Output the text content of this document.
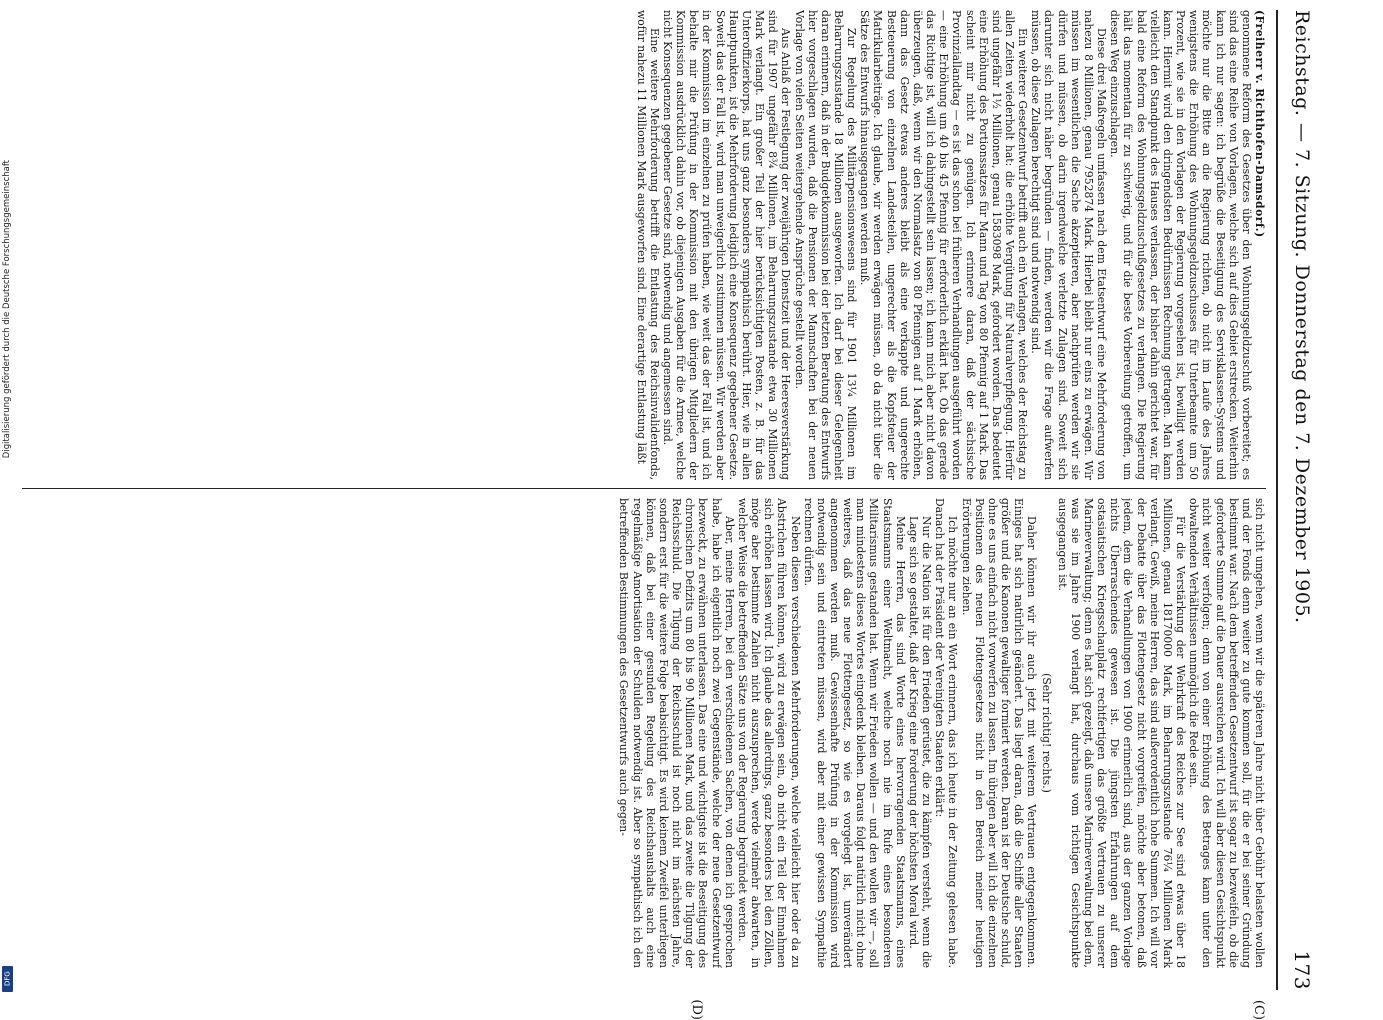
Digitalisierung gefördert durch die Deutsche Forschungsgemeinschaft
DFG
Reichstag. — 7. Sitzung. Donnerstag den 7. Dezember 1905.
173
(C)
(D)

(Freiherr v. Richthofen-Damsdorf.)

genommene Reform des Gesetzes über den Wohnungsgeldzuschuß vorbereitet; es sind das eine Reihe von Vorlagen, welche sich auf dies Gebiet erstrecken. Weiterhin kann ich nur sagen: ich begrüße die Beseitigung des Servisklassen-Systems und möchte nur die Bitte an die Regierung richten, ob nicht im Laufe des Jahres wenigstens die Erhöhung des Wohnungsgeldzuschusses für Unterbeamte um 50 Prozent, wie sie in den Vorlagen der Regierung vorgesehen ist, bewilligt werden kann. Hiermit wird den dringendsten Bedürfnissen Rechnung getragen. Man kann vielleicht den Standpunkt des Hauses verlassen, der bisher dahin gerichtet war, für bald eine Reform des Wohnungsgeldzuschußgesetzes zu verlangen. Die Regierung hält das momentan für zu schwierig, und für die beste Vorbereitung getroffen, um diesen Weg einzuschlagen.

Diese drei Maßregeln umfassen nach dem Etatsentwurf eine Mehrforderung von nahezu 8 Millionen, genau 7952874 Mark. Hierbei bleibt nur eins zu erwägen. Wir müssen im wesentlichen die Sache akzeptieren, aber nachprüfen werden wir sie dürfen und müssen, ob darin irgendwelche verletzte Zulagen sind. Soweit sich darunter sich nicht näher begründen — finden, werden wir die Frage aufwerfen müssen, ob diese Zulagen berechtigt sind und notwendig sind.

Ein weiterer Gesetzentwurf betrifft auch ein Verlangen, welches der Reichstag zu allen Zeiten wiederholt hat: die erhöhte Vergütung für Naturalverpflegung. Hierfür sind ungefähr 1½ Millionen, genau 1583098 Mark, gefordert worden. Das bedeutet eine Erhöhung des Portionssatzes für Mann und Tag von 80 Pfennig auf 1 Mark. Das scheint mir nicht zu genügen. Ich erinnere daran, daß der sächsische Provinziallandtag — es ist das schon bei früheren Verhandlungen ausgeführt worden — eine Erhöhung um 40 bis 45 Pfennig für erforderlich erklärt hat. Ob das gerade das Richtige ist, will ich dahingestellt sein lassen; ich kann mich aber nicht davon überzeugen, daß, wenn wir den Normalsatz von 80 Pfennigen auf 1 Mark erhöhen, dann das Gesetz etwas anderes bleibt als eine verkappte und ungerechte Besteuerung von einzelnen Landesteilen, ungerechter als die Kopfsteuer der Matrikularbeiträge. Ich glaube, wir werden erwägen müssen, ob da nicht über die Sätze des Entwurfs hinausgegangen werden muß.

Zur Regelung des Militärpensionswesens sind für 1901 13¼ Millionen im Beharrungszustande 18 Millionen ausgeworfen. Ich darf bei dieser Gelegenheit daran erinnern, daß in der Budgetkommission bei der letzten Beratung des Entwurfs hier vorgeschlagen wurden, daß die Pensionen der Mannschaften bei der neuen Vorlage von vielen Seiten weitergehende Ansprüche gestellt worden.

Aus Anlaß der Festlegung der zweijährigen Dienstzeit und der Heeresverstärkung sind für 1907 ungefähr 8¾ Millionen, im Beharrungszustande etwa 30 Millionen Mark verlangt. Ein großer Teil der hier berücksichtigten Posten, z. B. für das Unteroffizierkorps, hat uns ganz besonders sympathisch berührt. Hier, wie in allen Hauptpunkten, ist die Mehrforderung lediglich eine Konsequenz gegebener Gesetze. Soweit das der Fall ist, wird man unweigerlich zustimmen müssen. Wir werden aber in der Kommission im einzelnen zu prüfen haben, wie weit das der Fall ist, und ich behalte mir die Prüfung in der Kommission mit den übrigen Mitgliedern der Kommission ausdrücklich dahin vor, ob diejenigen Ausgaben für die Armee, welche nicht Konsequenzen gegebener Gesetze sind, notwendig und angemessen sind.

Eine weitere Mehrforderung betrifft die Entlastung des Reichsinvalidenfonds, wofür nahezu 11 Millionen Mark ausgeworfen sind. Eine derartige Entlastung läßt

sich nicht umgehen, wenn wir die späteren Jahre nicht über Gebühr belasten wollen und der Fonds denn weiter zu gute kommen soll, für die er bei seiner Gründung bestimmt war. Nach dem betreffenden Gesetzentwurf ist sogar zu bezweifeln, ob die geforderte Summe auf die Dauer ausreichen wird. Ich will aber diesen Gesichtspunkt nicht weiter verfolgen; denn von einer Erhöhung des Betrages kann unter den obwaltenden Verhältnissen unmöglich die Rede sein.

Für die Verstärkung der Wehrkraft des Reiches zur See sind etwas über 18 Millionen, genau 18170000 Mark, im Beharrungszustande 76¼ Millionen Mark verlangt. Gewiß, meine Herren, das sind außerordentlich hohe Summen. Ich will vor der Debatte über das Flottengesetz nicht vorgreifen, möchte aber betonen, daß jedem, dem die Verhandlungen von 1900 erinnerlich sind, aus der ganzen Vorlage nichts Überraschendes gewesen ist. Die jüngsten Erfahrungen auf dem ostasiatischen Kriegsschauplatz rechtfertigen das größte Vertrauen zu unserer Marineverwaltung; denn es hat sich gezeigt, daß unsere Marineverwaltung bei dem, was sie im Jahre 1900 verlangt hat, durchaus vom richtigen Gesichtspunkte ausgegangen ist.

(Sehr richtig! rechts.)

Daher können wir ihr auch jetzt mit weiterem Vertrauen entgegenkommen. Einiges hat sich natürlich geändert. Das liegt daran, daß die Schiffe aller Staaten größer und die Kanonen gewaltiger formiert werden. Daran ist der Deutsche schuld, ohne es uns einfach nicht vorwerfen zu lassen. Im übrigen aber will ich die einzelnen Positionen des neuen Flottengesetzes nicht in den Bereich meiner heutigen Erörterungen ziehen.

Ich möchte nur an ein Wort erinnern, das ich heute in der Zeitung gelesen habe. Danach hat der Präsident der Vereinigten Staaten erklärt:

Nur die Nation ist für den Frieden gerüstet, die zu kämpfen versteht, wenn die Lage sich so gestaltet, daß der Krieg eine Forderung der höchsten Moral wird.

Meine Herren, das sind Worte eines hervorragenden Staatsmanns, eines Staatsmanns einer Weltmacht, welche noch nie im Rufe eines besonderen Militarismus gestanden hat. Wenn wir Frieden wollen — und den wollen wir —, soll man mindestens dieses Wortes eingedenk bleiben. Daraus folgt natürlich nicht ohne weiteres, daß das neue Flottengesetz, so wie es vorgelegt ist, unverändert angenommen werden muß. Gewissenhafte Prüfung in der Kommission wird notwendig sein und eintreten müssen, wird aber mit einer gewissen Sympathie rechnen dürfen.

Neben diesen verschiedenen Mehrforderungen, welche vielleicht hier oder da zu Abstrichen führen können, wird zu erwägen sein, ob nicht ein Teil der Einnahmen sich erhöhen lassen wird. Ich glaube das allerdings, ganz besonders bei den Zöllen, möge aber bestimmte Zahlen nicht auszusprechen, werde vielmehr abwarten, in welcher Weise die betreffenden Sätze uns von der Regierung begründet werden.

Aber, meine Herren, bei den verschiedenen Sachen, von denen ich gesprochen habe, habe ich eigentlich noch zwei Gegenstände, welche der neue Gesetzentwurf bezweckt, zu erwähnen unterlassen. Das eine und wichtigste ist die Beseitigung des chronischen Defizits um 80 bis 90 Millionen Mark, und das zweite die Tilgung der Reichsschuld. Die Tilgung der Reichsschuld ist noch nicht im nächsten Jahre, sondern erst für die weitere Folge beabsichtigt. Es wird keinem Zweifel unterliegen können, daß bei einer gesunden Regelung des Reichshaushalts auch eine regelmäßige Amortisation der Schulden notwendig ist. Aber so sympathisch ich den betreffenden Bestimmungen des Gesetzentwurfs auch gegen-
